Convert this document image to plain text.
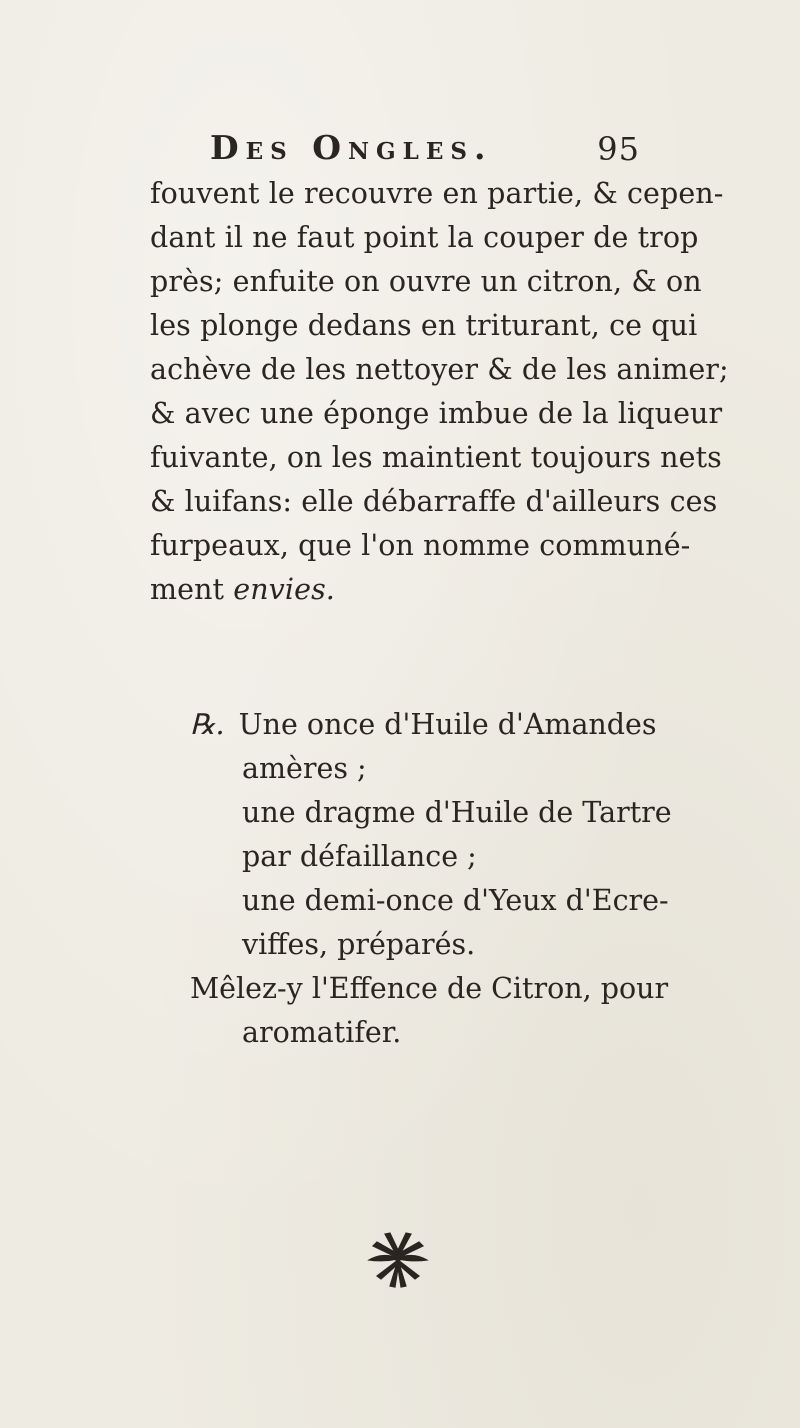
Des Ongles.	95
fouvent le recouvre en partie, & cepen-
dant il ne faut point la couper de trop
près; enfuite on ouvre un citron, & on
les plonge dedans en triturant, ce qui
achève de les nettoyer & de les animer;
& avec une éponge imbue de la liqueur
fuivante, on les maintient toujours nets
& luifans: elle débarraffe d'ailleurs ces
furpeaux, que l'on nomme communé-
ment envies.
℞. Une once d'Huile d'Amandes
amères ;
une dragme d'Huile de Tartre
par défaillance ;
une demi-once d'Yeux d'Ecre-
viffes, préparés.
Mêlez-y l'Effence de Citron, pour
aromatifer.
